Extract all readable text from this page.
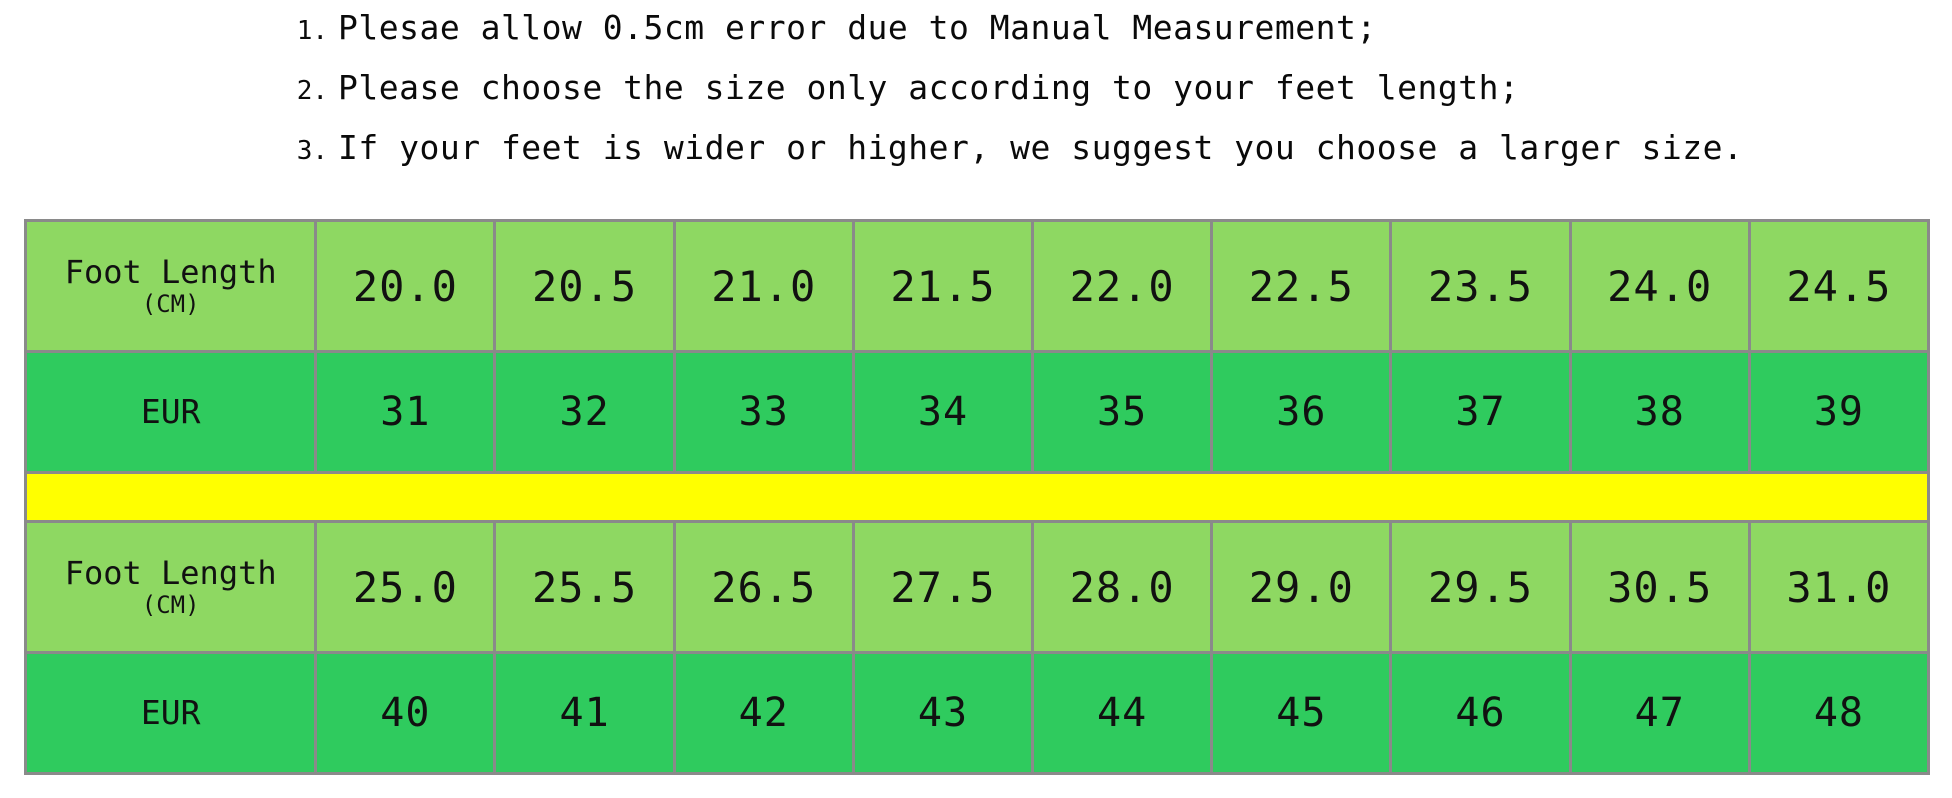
1. Plesae allow 0.5cm error due to Manual Measurement;
2. Please choose the size only according to your feet length;
3. If your feet is wider or higher, we suggest you choose a larger size.
Foot Length
(CM)	20.0	20.5	21.0	21.5	22.0	22.5	23.5	24.0	24.5
EUR	31	32	33	34	35	36	37	38	39

Foot Length
(CM)	25.0	25.5	26.5	27.5	28.0	29.0	29.5	30.5	31.0
EUR	40	41	42	43	44	45	46	47	48
